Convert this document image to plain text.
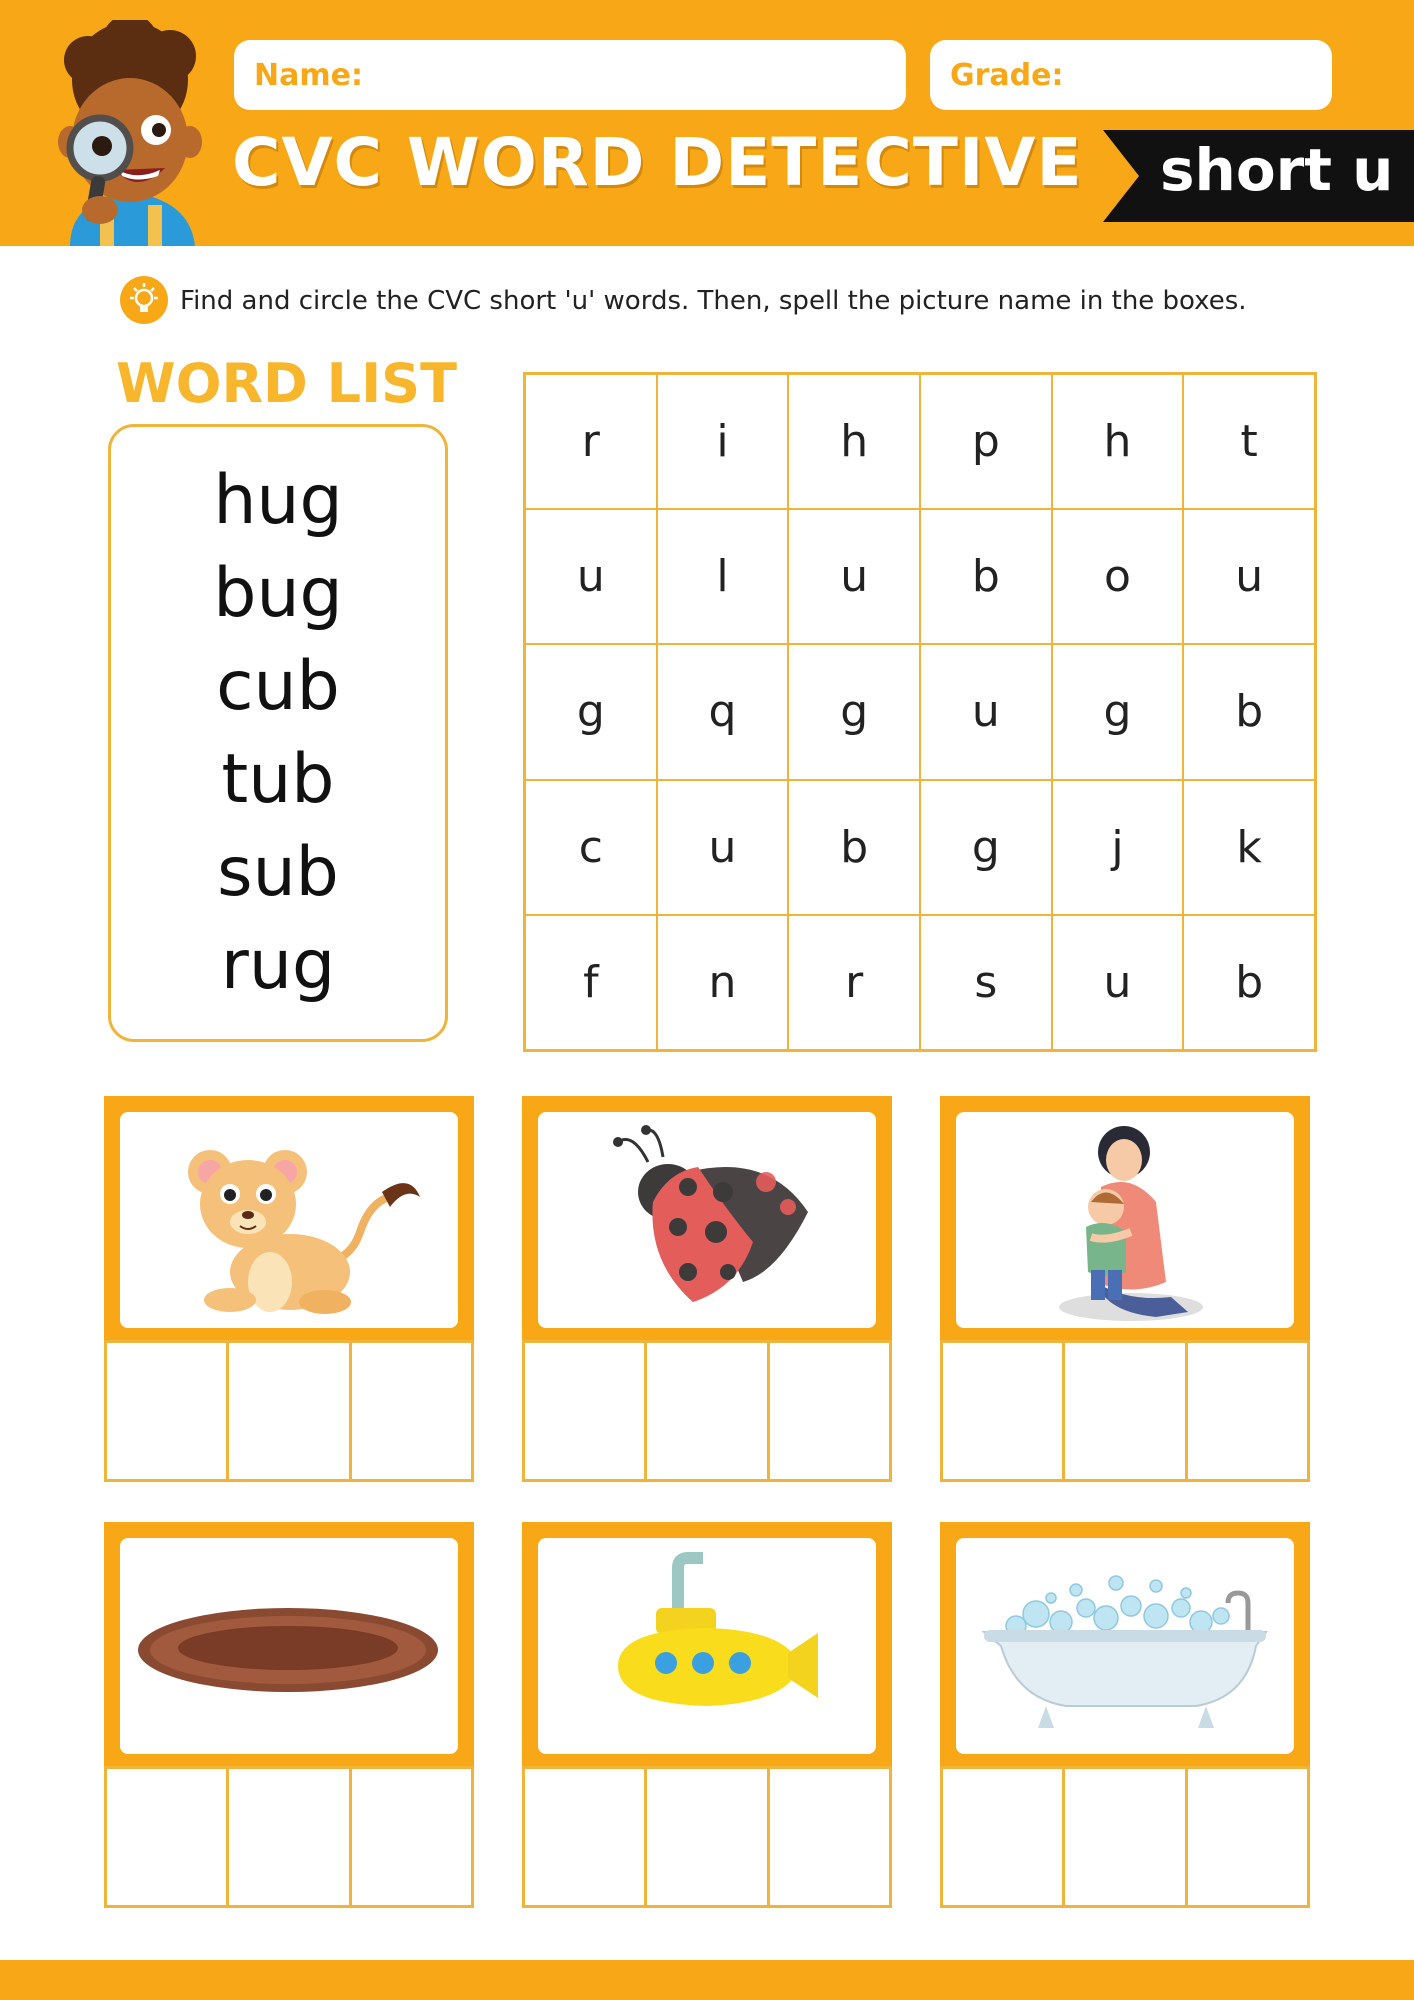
Name:	Grade:
CVC WORD DETECTIVE short u
Find and circle the CVC short 'u' words. Then, spell the picture name in the boxes.
WORD LIST
hug
bug
cub
tub
sub
rug
r	i	h	p	h	t
u	l	u	b	o	u
g	q	g	u	g	b
c	u	b	g	j	k
f	n	r	s	u	b
